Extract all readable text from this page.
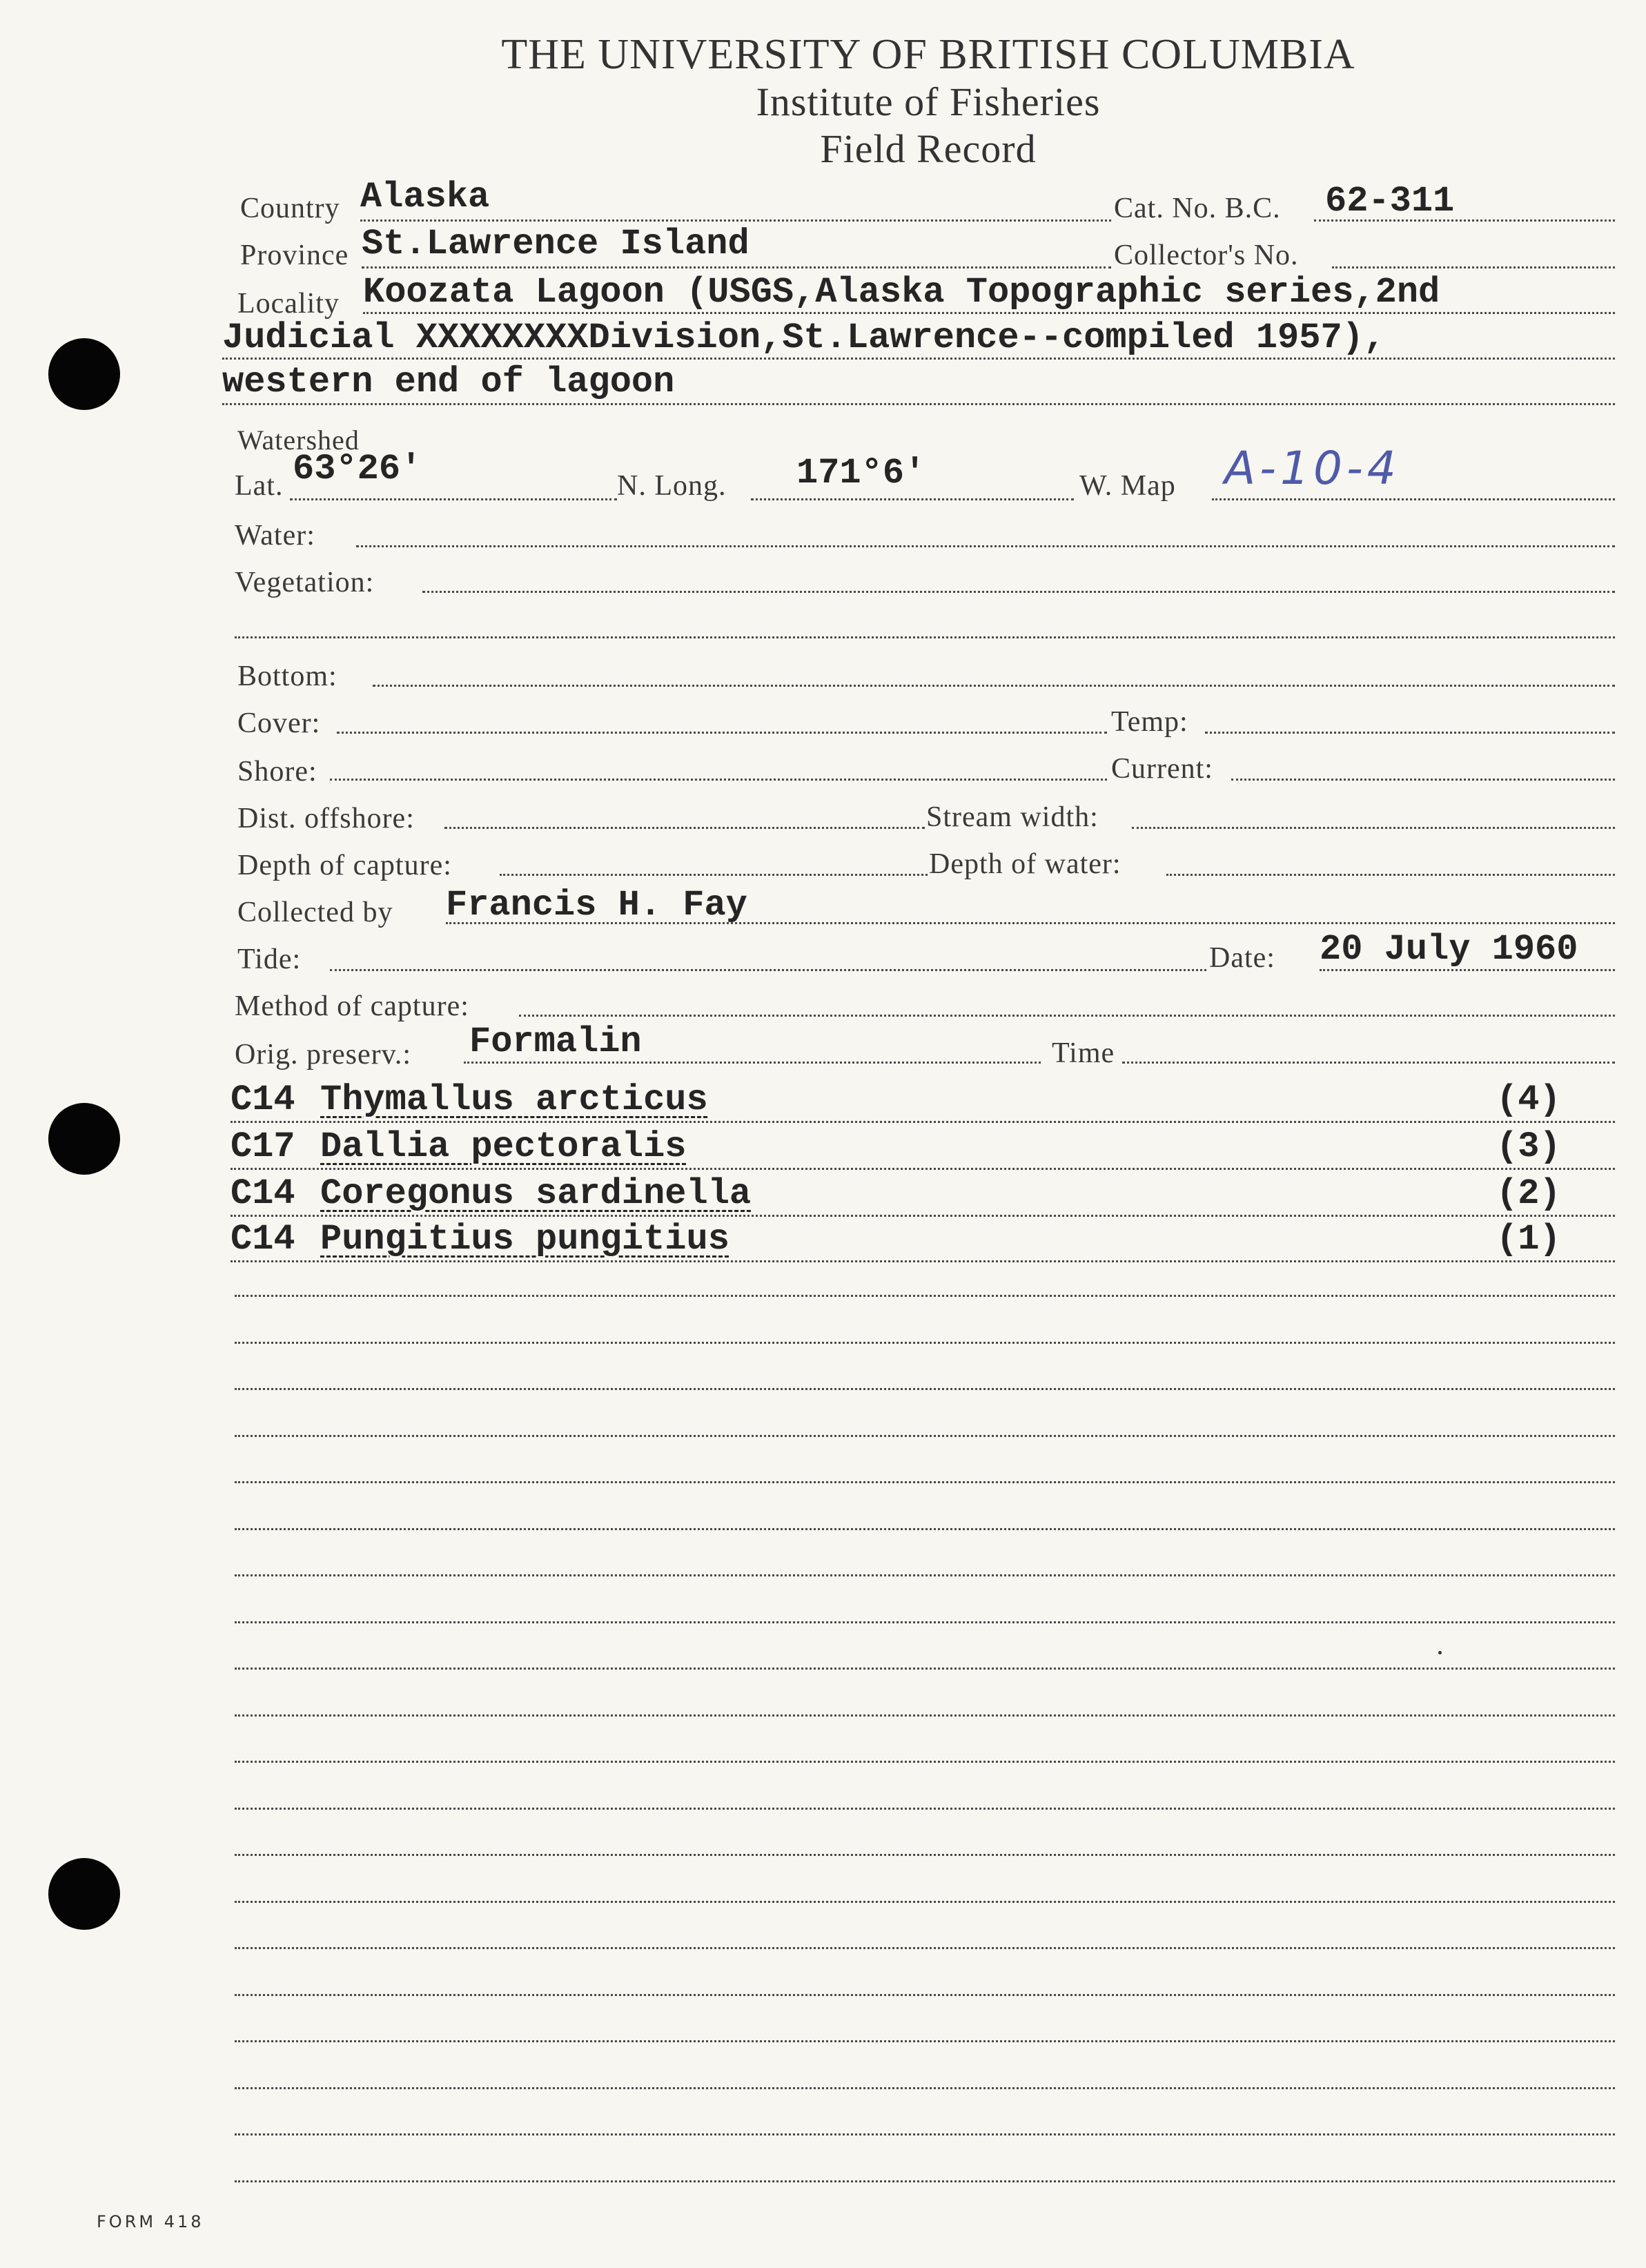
THE UNIVERSITY OF BRITISH COLUMBIA
Institute of Fisheries
Field Record
Country Alaska	Cat. No. B.C. 62-311
Province St.Lawrence Island	Collector's No.
Locality Koozata Lagoon (USGS,Alaska Topographic series,2nd
Judicial XXXXXXXXDivision,St.Lawrence--compiled 1957),
western end of lagoon
Watershed
Lat. 63°26'	N. Long. 171°6'	W. Map A-10-4
Water:
Vegetation:
Bottom:
Cover:	Temp:
Shore:	Current:
Dist. offshore:	Stream width:
Depth of capture:	Depth of water:
Collected by Francis H. Fay
Tide:	Date: 20 July 1960
Method of capture:
Orig. preserv.: Formalin	Time
C14 Thymallus arcticus	(4)
C17 Dallia pectoralis	(3)
C14 Coregonus sardinella	(2)
C14 Pungitius pungitius	(1)
FORM 418
